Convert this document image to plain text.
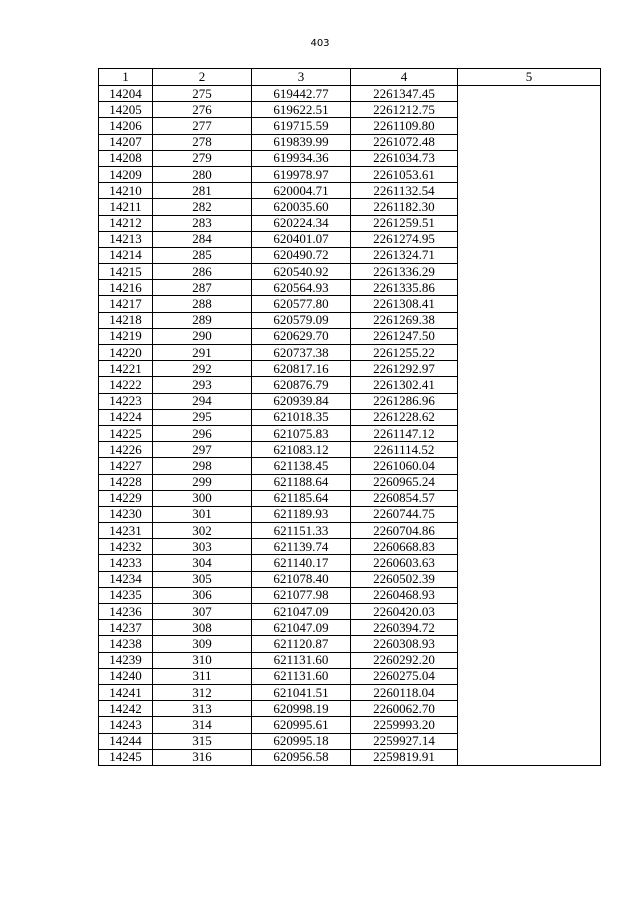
403
1	2	3	4	5
14204	275	619442.77	2261347.45	
14205	276	619622.51	2261212.75	
14206	277	619715.59	2261109.80	
14207	278	619839.99	2261072.48	
14208	279	619934.36	2261034.73	
14209	280	619978.97	2261053.61	
14210	281	620004.71	2261132.54	
14211	282	620035.60	2261182.30	
14212	283	620224.34	2261259.51	
14213	284	620401.07	2261274.95	
14214	285	620490.72	2261324.71	
14215	286	620540.92	2261336.29	
14216	287	620564.93	2261335.86	
14217	288	620577.80	2261308.41	
14218	289	620579.09	2261269.38	
14219	290	620629.70	2261247.50	
14220	291	620737.38	2261255.22	
14221	292	620817.16	2261292.97	
14222	293	620876.79	2261302.41	
14223	294	620939.84	2261286.96	
14224	295	621018.35	2261228.62	
14225	296	621075.83	2261147.12	
14226	297	621083.12	2261114.52	
14227	298	621138.45	2261060.04	
14228	299	621188.64	2260965.24	
14229	300	621185.64	2260854.57	
14230	301	621189.93	2260744.75	
14231	302	621151.33	2260704.86	
14232	303	621139.74	2260668.83	
14233	304	621140.17	2260603.63	
14234	305	621078.40	2260502.39	
14235	306	621077.98	2260468.93	
14236	307	621047.09	2260420.03	
14237	308	621047.09	2260394.72	
14238	309	621120.87	2260308.93	
14239	310	621131.60	2260292.20	
14240	311	621131.60	2260275.04	
14241	312	621041.51	2260118.04	
14242	313	620998.19	2260062.70	
14243	314	620995.61	2259993.20	
14244	315	620995.18	2259927.14	
14245	316	620956.58	2259819.91	
